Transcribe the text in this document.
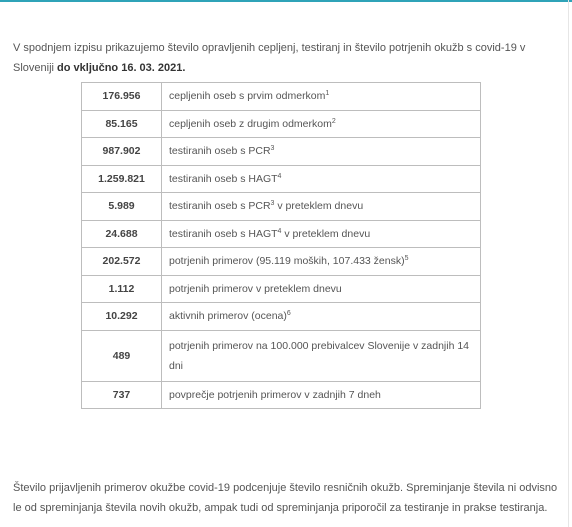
V spodnjem izpisu prikazujemo število opravljenih cepljenj, testiranj in število potrjenih okužb s covid-19 v Sloveniji do vključno 16. 03. 2021.

176.956	cepljenih oseb s prvim odmerkom$^1$
85.165	cepljenih oseb z drugim odmerkom$^2$
987.902	testiranih oseb s PCR$^3$
1.259.821	testiranih oseb s HAGT$^4$
5.989	testiranih oseb s PCR$^3$ v preteklem dnevu
24.688	testiranih oseb s HAGT$^4$ v preteklem dnevu
202.572	potrjenih primerov (95.119 moških, 107.433 žensk)$^5$
1.112	potrjenih primerov v preteklem dnevu
10.292	aktivnih primerov (ocena)$^6$
489	potrjenih primerov na 100.000 prebivalcev Slovenije v zadnjih 14 dni
737	povprečje potrjenih primerov v zadnjih 7 dneh

Število prijavljenih primerov okužbe covid-19 podcenjuje število resničnih okužb. Spreminjanje števila ni odvisno le od spreminjanja števila novih okužb, ampak tudi od spreminjanja priporočil za testiranje in prakse testiranja.
